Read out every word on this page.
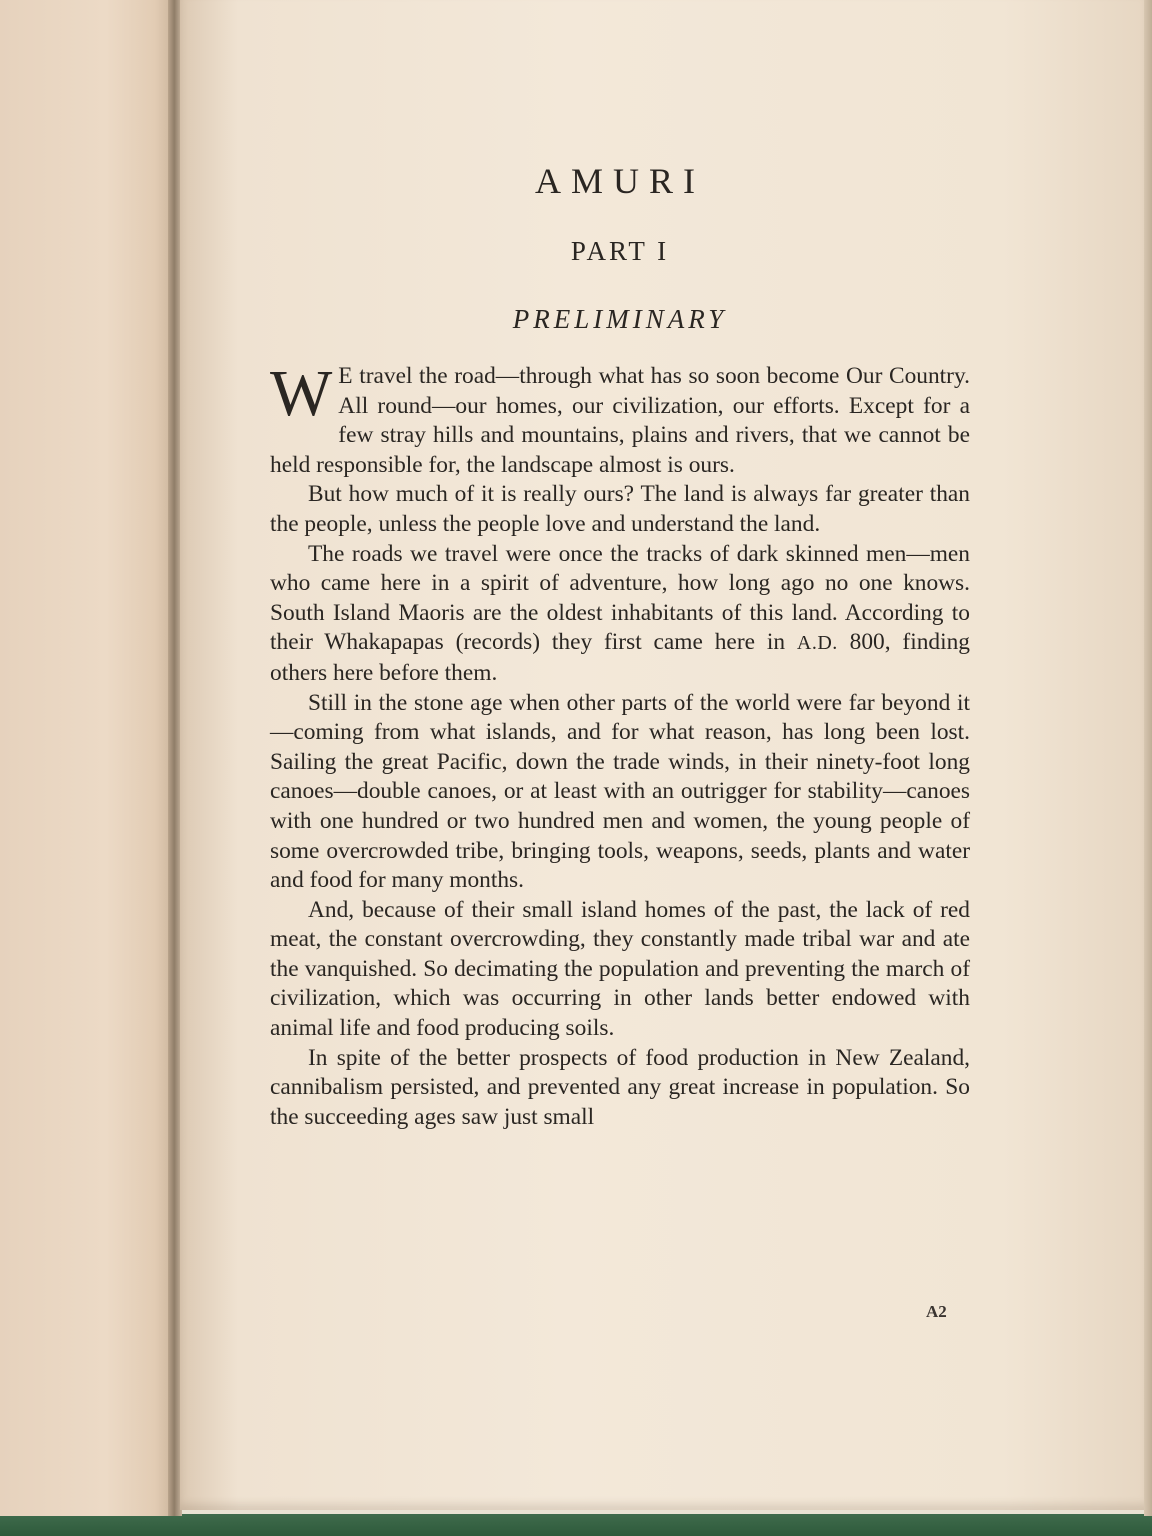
AMURI
PART I
PRELIMINARY

W E travel the road—through what has so soon become Our Country. All round—our homes, our civilization, our efforts. Except for a few stray hills and mountains, plains and rivers, that we cannot be held responsible for, the landscape almost is ours.

But how much of it is really ours? The land is always far greater than the people, unless the people love and understand the land.

The roads we travel were once the tracks of dark skinned men—men who came here in a spirit of adventure, how long ago no one knows. South Island Maoris are the oldest inhabitants of this land. According to their Whakapapas (records) they first came here in A.D. 800, finding others here before them.

Still in the stone age when other parts of the world were far beyond it—coming from what islands, and for what reason, has long been lost. Sailing the great Pacific, down the trade winds, in their ninety-foot long canoes—double canoes, or at least with an outrigger for stability—canoes with one hundred or two hundred men and women, the young people of some overcrowded tribe, bringing tools, weapons, seeds, plants and water and food for many months.

And, because of their small island homes of the past, the lack of red meat, the constant overcrowding, they constantly made tribal war and ate the vanquished. So decimating the population and preventing the march of civilization, which was occurring in other lands better endowed with animal life and food producing soils.

In spite of the better prospects of food production in New Zealand, cannibalism persisted, and prevented any great increase in population. So the succeeding ages saw just small

A2
